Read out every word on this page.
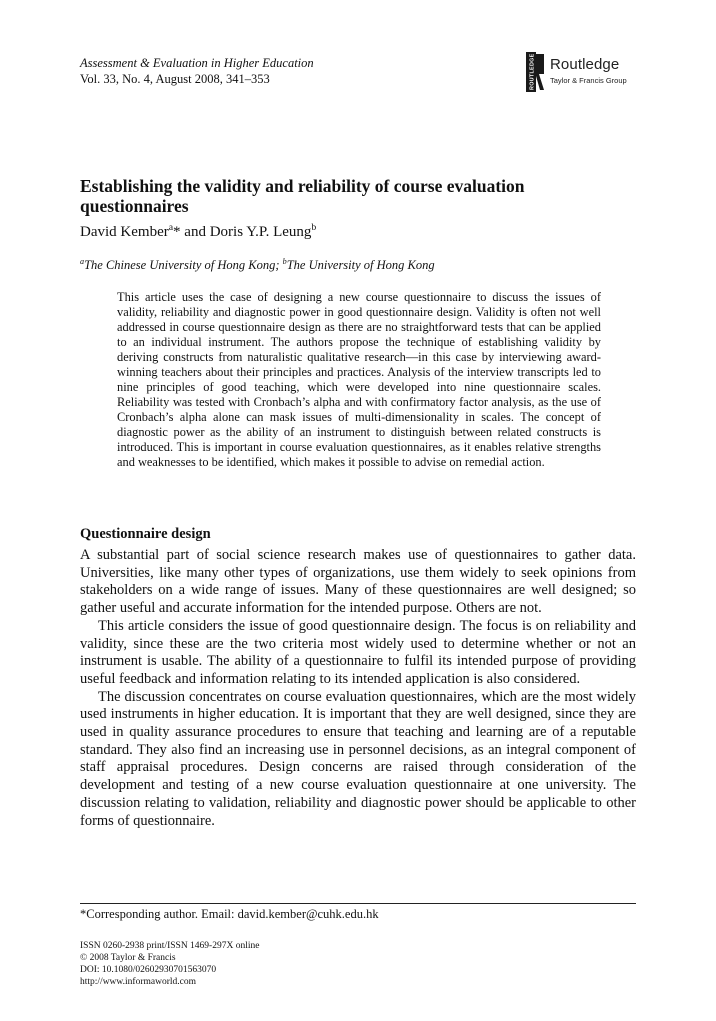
Assessment & Evaluation in Higher Education
Vol. 33, No. 4, August 2008, 341–353	ROUTLEDGE Routledge
Taylor & Francis Group
Establishing the validity and reliability of course evaluation questionnaires
David Kember$^a$* and Doris Y.P. Leung$^b$
$^a$The Chinese University of Hong Kong; $^b$The University of Hong Kong

This article uses the case of designing a new course questionnaire to discuss the issues of validity, reliability and diagnostic power in good questionnaire design. Validity is often not well addressed in course questionnaire design as there are no straightforward tests that can be applied to an individual instrument. The authors propose the technique of establishing validity by deriving constructs from naturalistic qualitative research—in this case by interviewing award-winning teachers about their principles and practices. Analysis of the interview transcripts led to nine principles of good teaching, which were developed into nine questionnaire scales. Reliability was tested with Cronbach’s alpha and with confirmatory factor analysis, as the use of Cronbach’s alpha alone can mask issues of multi-dimensionality in scales. The concept of diagnostic power as the ability of an instrument to distinguish between related constructs is introduced. This is important in course evaluation questionnaires, as it enables relative strengths and weaknesses to be identified, which makes it possible to advise on remedial action.

Questionnaire design

A substantial part of social science research makes use of questionnaires to gather data. Universities, like many other types of organizations, use them widely to seek opinions from stakeholders on a wide range of issues. Many of these questionnaires are well designed; so gather useful and accurate information for the intended purpose. Others are not.

This article considers the issue of good questionnaire design. The focus is on reliability and validity, since these are the two criteria most widely used to determine whether or not an instrument is usable. The ability of a questionnaire to fulfil its intended purpose of providing useful feedback and information relating to its intended application is also considered.

The discussion concentrates on course evaluation questionnaires, which are the most widely used instruments in higher education. It is important that they are well designed, since they are used in quality assurance procedures to ensure that teaching and learning are of a reputable standard. They also find an increasing use in personnel decisions, as an integral component of staff appraisal procedures. Design concerns are raised through consideration of the development and testing of a new course evaluation questionnaire at one university. The discussion relating to validation, reliability and diagnostic power should be applicable to other forms of questionnaire.

*Corresponding author. Email: david.kember@cuhk.edu.hk
ISSN 0260-2938 print/ISSN 1469-297X online
© 2008 Taylor & Francis
DOI: 10.1080/02602930701563070
http://www.informaworld.com
